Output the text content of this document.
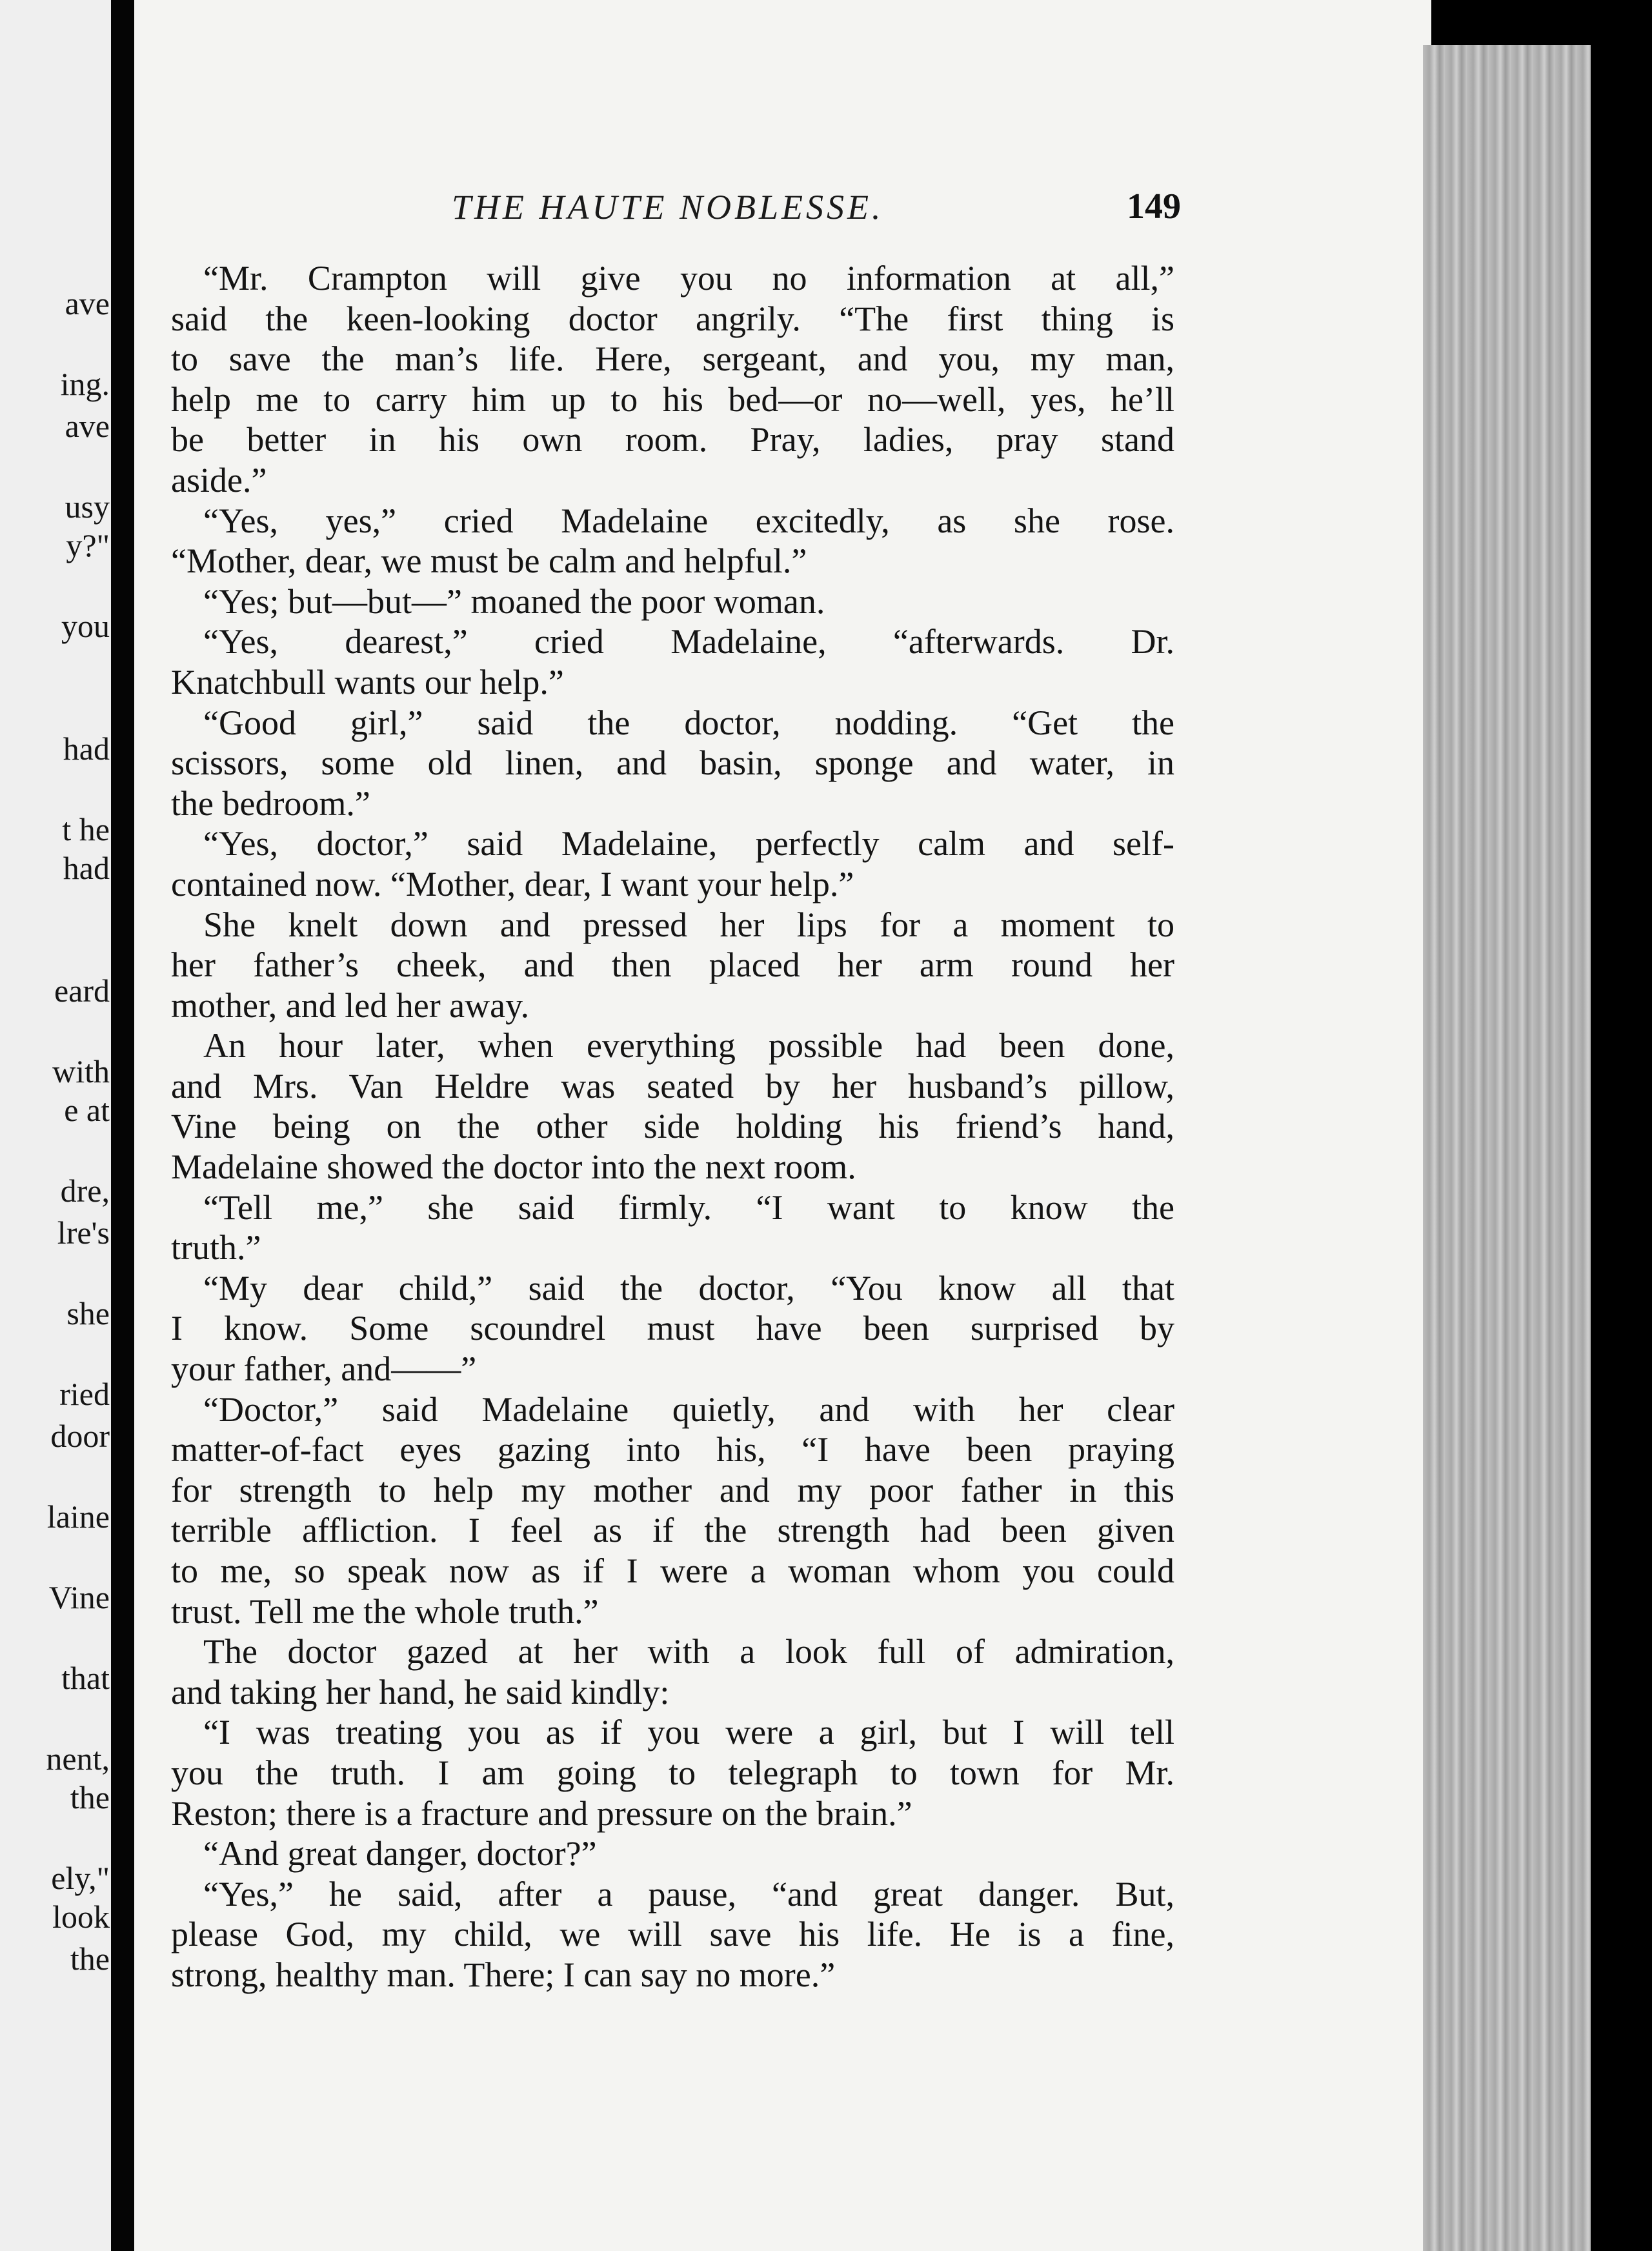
ave
ing.
ave
usy
y?"
you
had
t he
had
eard
with
e at
dre,
lre's
she
ried
door
laine
Vine
that
nent,
the
ely,"
look
the
THE HAUTE NOBLESSE.	149
“Mr. Crampton will give you no information at all,”
said the keen-looking doctor angrily. “The first thing is
to save the man’s life. Here, sergeant, and you, my man,
help me to carry him up to his bed—or no—well, yes, he’ll
be better in his own room. Pray, ladies, pray stand
aside.”
“Yes, yes,” cried Madelaine excitedly, as she rose.
“Mother, dear, we must be calm and helpful.”
“Yes; but—but—” moaned the poor woman.
“Yes, dearest,” cried Madelaine, “afterwards. Dr.
Knatchbull wants our help.”
“Good girl,” said the doctor, nodding. “Get the
scissors, some old linen, and basin, sponge and water, in
the bedroom.”
“Yes, doctor,” said Madelaine, perfectly calm and self-
contained now. “Mother, dear, I want your help.”
She knelt down and pressed her lips for a moment to
her father’s cheek, and then placed her arm round her
mother, and led her away.
An hour later, when everything possible had been done,
and Mrs. Van Heldre was seated by her husband’s pillow,
Vine being on the other side holding his friend’s hand,
Madelaine showed the doctor into the next room.
“Tell me,” she said firmly. “I want to know the
truth.”
“My dear child,” said the doctor, “You know all that
I know. Some scoundrel must have been surprised by
your father, and——”
“Doctor,” said Madelaine quietly, and with her clear
matter-of-fact eyes gazing into his, “I have been praying
for strength to help my mother and my poor father in this
terrible affliction. I feel as if the strength had been given
to me, so speak now as if I were a woman whom you could
trust. Tell me the whole truth.”
The doctor gazed at her with a look full of admiration,
and taking her hand, he said kindly:
“I was treating you as if you were a girl, but I will tell
you the truth. I am going to telegraph to town for Mr.
Reston; there is a fracture and pressure on the brain.”
“And great danger, doctor?”
“Yes,” he said, after a pause, “and great danger. But,
please God, my child, we will save his life. He is a fine,
strong, healthy man. There; I can say no more.”
